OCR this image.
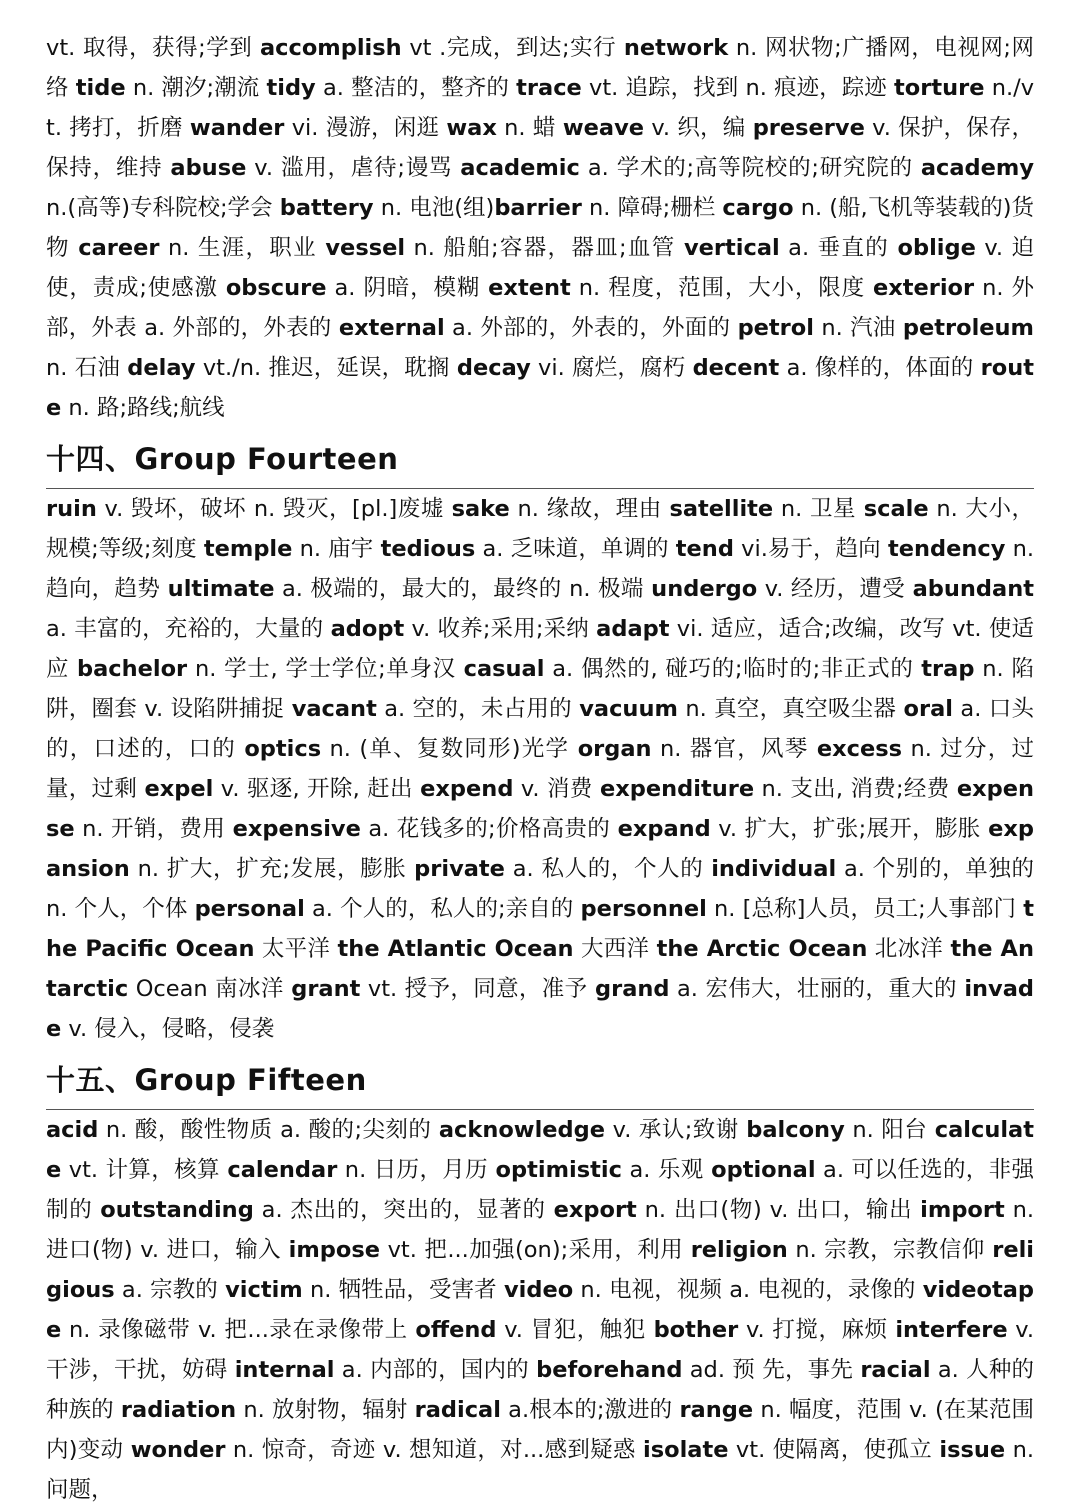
vt. 取得，获得;学到 accomplish vt .完成，到达;实行 network n. 网状物;广播网，电视网;网络 tide n. 潮汐;潮流 tidy a. 整洁的，整齐的 trace vt. 追踪，找到 n. 痕迹，踪迹 torture n./vt. 拷打，折磨 wander vi. 漫游，闲逛 wax n. 蜡 weave v. 织，编 preserve v. 保护，保存，保持，维持 abuse v. 滥用，虐待;谩骂 academic a. 学术的;高等院校的;研究院的 academy n.(高等)专科院校;学会 battery n. 电池(组)barrier n. 障碍;栅栏 cargo n. (船,飞机等装载的)货物 career n. 生涯，职业 vessel n. 船舶;容器，器皿;血管 vertical a. 垂直的 oblige v. 迫使，责成;使感激 obscure a. 阴暗，模糊 extent n. 程度，范围，大小，限度 exterior n. 外部，外表 a. 外部的，外表的 external a. 外部的，外表的，外面的 petrol n. 汽油 petroleum n. 石油 delay vt./n. 推迟，延误，耽搁 decay vi. 腐烂，腐朽 decent a. 像样的，体面的 route n. 路;路线;航线

十四、Group Fourteen

ruin v. 毁坏，破坏 n. 毁灭，[pl.]废墟 sake n. 缘故，理由 satellite n. 卫星 scale n. 大小，规模;等级;刻度 temple n. 庙宇 tedious a. 乏味道，单调的 tend vi.易于，趋向 tendency n. 趋向，趋势 ultimate a. 极端的，最大的，最终的 n. 极端 undergo v. 经历，遭受 abundant a. 丰富的，充裕的，大量的 adopt v. 收养;采用;采纳 adapt vi. 适应，适合;改编，改写 vt. 使适应 bachelor n. 学士, 学士学位;单身汉 casual a. 偶然的, 碰巧的;临时的;非正式的 trap n. 陷阱，圈套 v. 设陷阱捕捉 vacant a. 空的，未占用的 vacuum n. 真空，真空吸尘器 oral a. 口头的，口述的，口的 optics n. (单、复数同形)光学 organ n. 器官，风琴 excess n. 过分，过量，过剩 expel v. 驱逐, 开除, 赶出 expend v. 消费 expenditure n. 支出, 消费;经费 expense n. 开销，费用 expensive a. 花钱多的;价格高贵的 expand v. 扩大，扩张;展开，膨胀 expansion n. 扩大，扩充;发展，膨胀 private a. 私人的，个人的 individual a. 个别的，单独的 n. 个人，个体 personal a. 个人的，私人的;亲自的 personnel n. [总称]人员，员工;人事部门 the Pacific Ocean 太平洋 the Atlantic Ocean 大西洋 the Arctic Ocean 北冰洋 the Antarctic Ocean 南冰洋 grant vt. 授予，同意，准予 grand a. 宏伟大，壮丽的，重大的 invade v. 侵入，侵略，侵袭

十五、Group Fifteen

acid n. 酸，酸性物质 a. 酸的;尖刻的 acknowledge v. 承认;致谢 balcony n. 阳台 calculate vt. 计算，核算 calendar n. 日历，月历 optimistic a. 乐观 optional a. 可以任选的，非强制的 outstanding a. 杰出的，突出的，显著的 export n. 出口(物) v. 出口，输出 import n. 进口(物) v. 进口，输入 impose vt. 把...加强(on);采用，利用 religion n. 宗教，宗教信仰 religious a. 宗教的 victim n. 牺牲品，受害者 video n. 电视，视频 a. 电视的，录像的 videotape n. 录像磁带 v. 把...录在录像带上 offend v. 冒犯，触犯 bother v. 打搅，麻烦 interfere v. 干涉，干扰，妨碍 internal a. 内部的，国内的 beforehand ad. 预 先，事先 racial a. 人种的种族的 radiation n. 放射物，辐射 radical a.根本的;激进的 range n. 幅度，范围 v. (在某范围内)变动 wonder n. 惊奇，奇迹 v. 想知道，对...感到疑惑 isolate vt. 使隔离，使孤立 issue n. 问题，
